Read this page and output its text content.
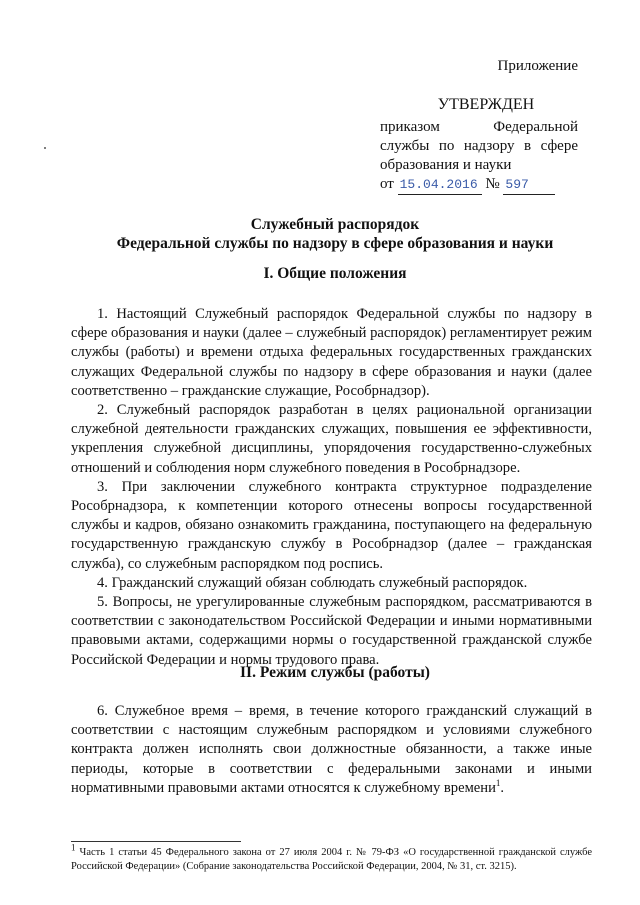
Приложение
УТВЕРЖДЕН
приказом Федеральной службы по надзору в сфере образования и науки
от 15.04.2016 № 597
Служебный распорядок
Федеральной службы по надзору в сфере образования и науки
I. Общие положения

1. Настоящий Служебный распорядок Федеральной службы по надзору в сфере образования и науки (далее – служебный распорядок) регламентирует режим службы (работы) и времени отдыха федеральных государственных гражданских служащих Федеральной службы по надзору в сфере образования и науки (далее соответственно – гражданские служащие, Рособрнадзор).

2. Служебный распорядок разработан в целях рациональной организации служебной деятельности гражданских служащих, повышения ее эффективности, укрепления служебной дисциплины, упорядочения государственно-служебных отношений и соблюдения норм служебного поведения в Рособрнадзоре.

3. При заключении служебного контракта структурное подразделение Рособрнадзора, к компетенции которого отнесены вопросы государственной службы и кадров, обязано ознакомить гражданина, поступающего на федеральную государственную гражданскую службу в Рособрнадзор (далее – гражданская служба), со служебным распорядком под роспись.

4. Гражданский служащий обязан соблюдать служебный распорядок.

5. Вопросы, не урегулированные служебным распорядком, рассматриваются в соответствии с законодательством Российской Федерации и иными нормативными правовыми актами, содержащими нормы о государственной гражданской службе Российской Федерации и нормы трудового права.

II. Режим службы (работы)

6. Служебное время – время, в течение которого гражданский служащий в соответствии с настоящим служебным распорядком и условиями служебного контракта должен исполнять свои должностные обязанности, а также иные периоды, которые в соответствии с федеральными законами и иными нормативными правовыми актами относятся к служебному времени$^1$.

$^1$ Часть 1 статьи 45 Федерального закона от 27 июля 2004 г. № 79-ФЗ «О государственной гражданской службе Российской Федерации» (Собрание законодательства Российской Федерации, 2004, № 31, ст. 3215).
